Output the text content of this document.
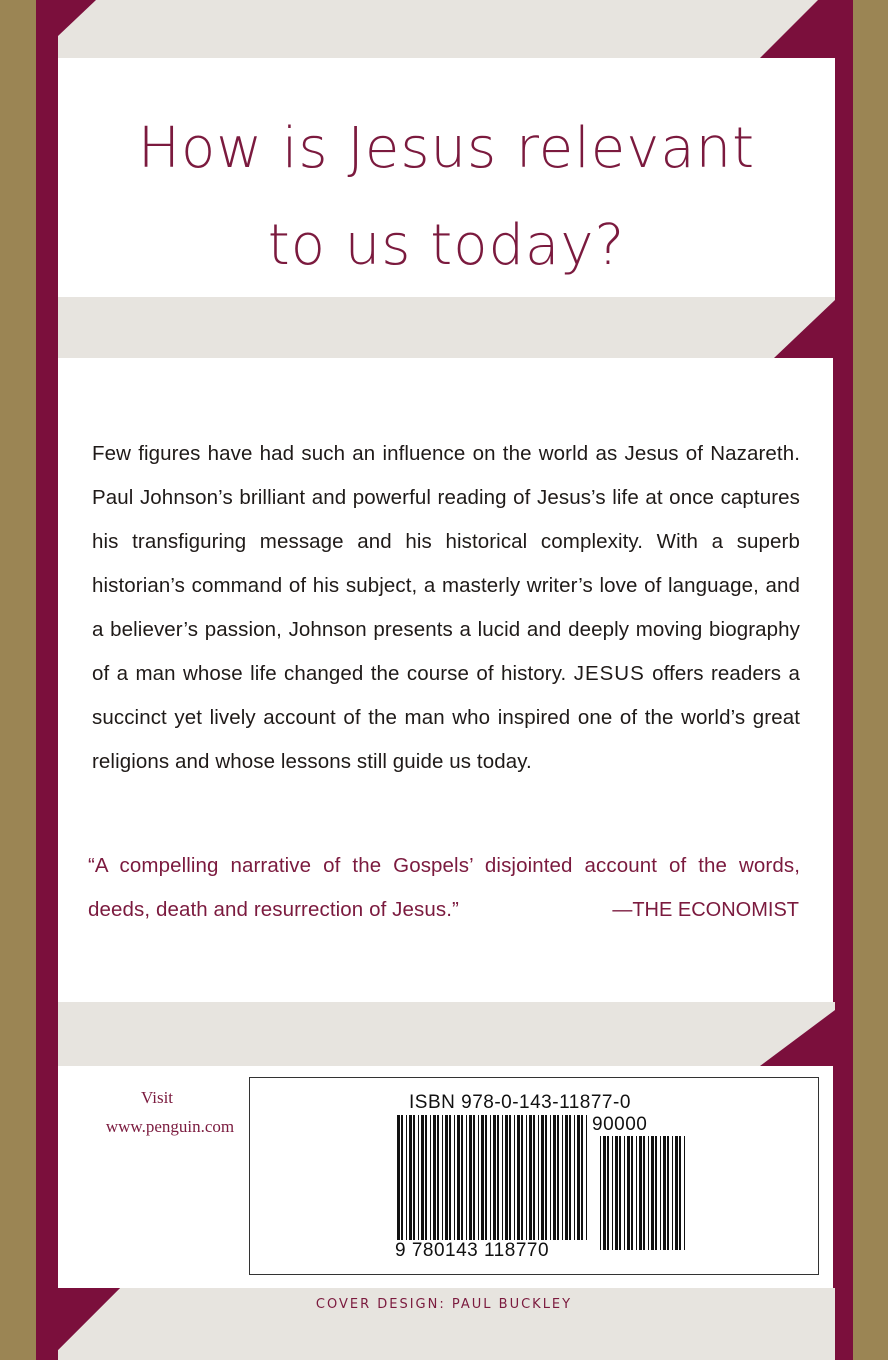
How is Jesus relevant
to us today?

Few figures have had such an influence on the world as Jesus of Nazareth. Paul Johnson’s brilliant and powerful reading of Jesus’s life at once captures his transfiguring message and his historical complexity. With a superb historian’s command of his subject, a masterly writer’s love of language, and a believer’s passion, Johnson presents a lucid and deeply moving biography of a man whose life changed the course of history. JESUS offers readers a succinct yet lively account of the man who inspired one of the world’s great religions and whose lessons still guide us today.

“A compelling narrative of the Gospels’ disjointed account of the words, deeds, death and resurrection of Jesus.”	—THE ECONOMIST

Visit

www.penguin.com

ISBN 978-0-143-11877-0

90000

9 780143 118770

COVER DESIGN: PAUL BUCKLEY
